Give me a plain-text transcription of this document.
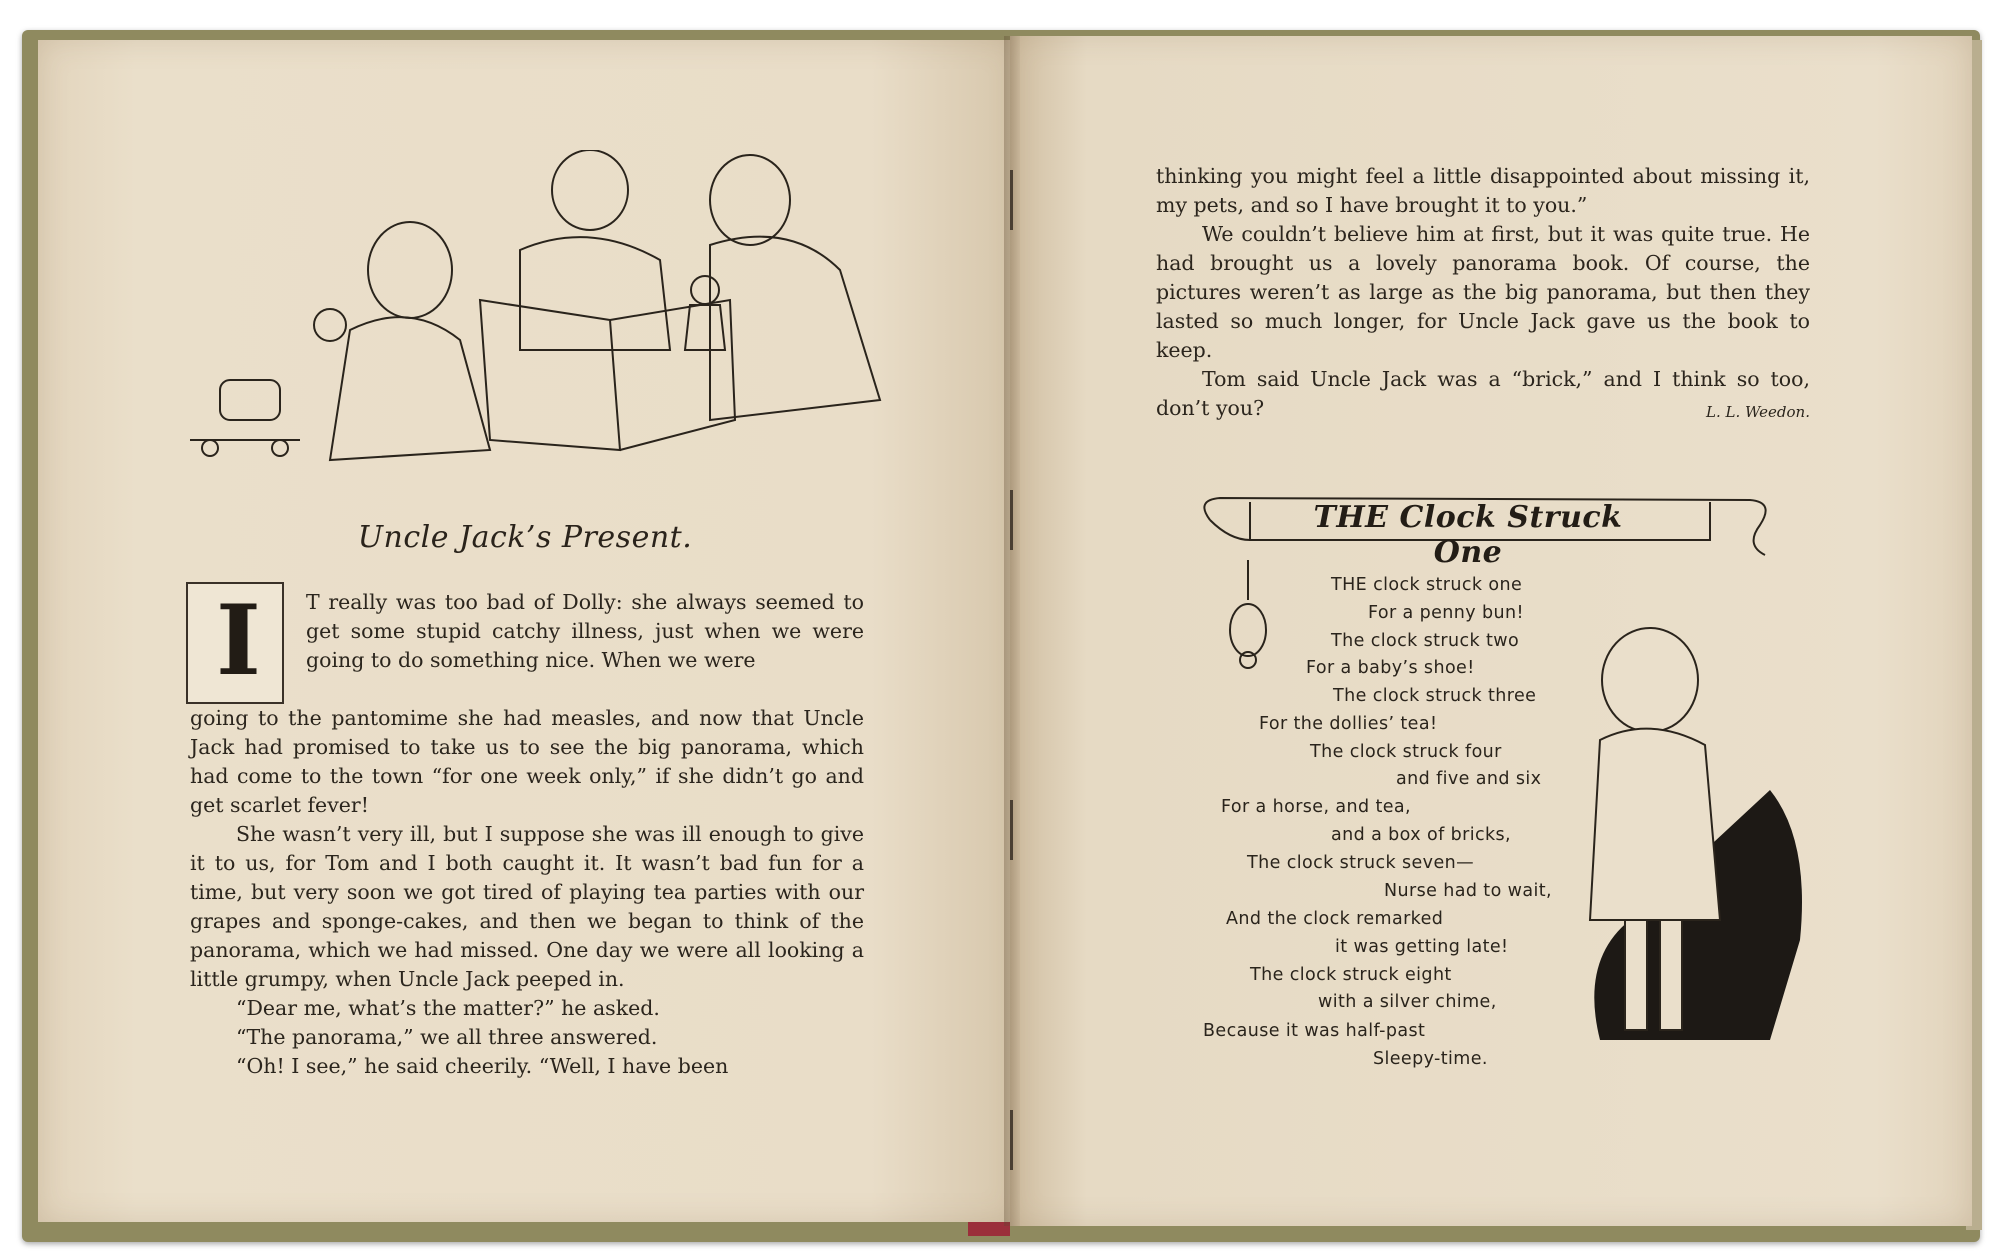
Uncle Jack’s Present.
I T really was too bad of Dolly: she always seemed to get some stupid catchy illness, just when we were going to do something nice. When we were

going to the pantomime she had measles, and now that Uncle Jack had promised to take us to see the big panorama, which had come to the town “for one week only,” if she didn’t go and get scarlet fever!

She wasn’t very ill, but I suppose she was ill enough to give it to us, for Tom and I both caught it. It wasn’t bad fun for a time, but very soon we got tired of playing tea parties with our grapes and sponge-cakes, and then we began to think of the panorama, which we had missed. One day we were all looking a little grumpy, when Uncle Jack peeped in.

“Dear me, what’s the matter?” he asked.

“The panorama,” we all three answered.

“Oh! I see,” he said cheerily. “Well, I have been

thinking you might feel a little disappointed about missing it, my pets, and so I have brought it to you.”

We couldn’t believe him at first, but it was quite true. He had brought us a lovely panorama book. Of course, the pictures weren’t as large as the big panorama, but then they lasted so much longer, for Uncle Jack gave us the book to keep.

Tom said Uncle Jack was a “brick,” and I think so too, don’t you?	L. L. Weedon.

THE Clock Struck One
THE clock struck one
For a penny bun!
The clock struck two
For a baby’s shoe!
The clock struck three
For the dollies’ tea!
The clock struck four
and five and six
For a horse, and tea,
and a box of bricks,
The clock struck seven—
Nurse had to wait,
And the clock remarked
it was getting late!
The clock struck eight
with a silver chime,
Because it was half-past
Sleepy-time.
